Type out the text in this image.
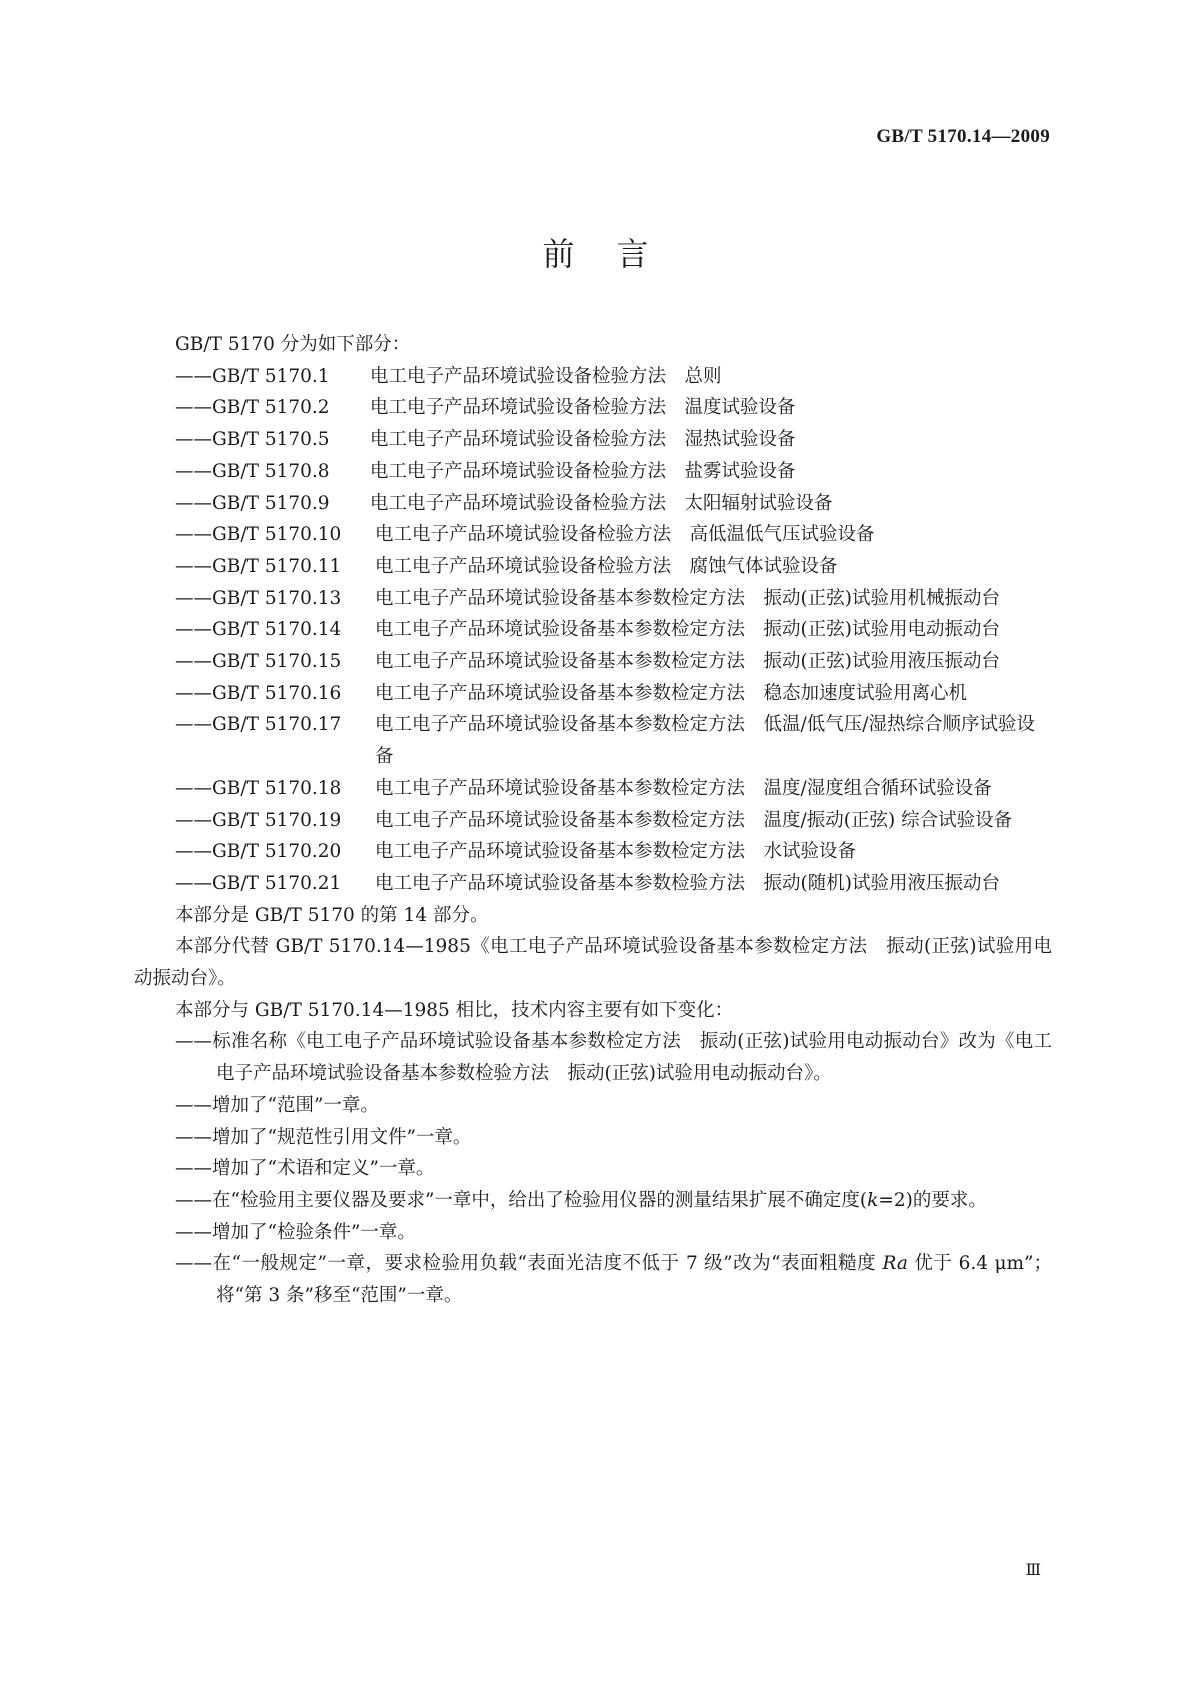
GB/T 5170.14—2009
前言

GB/T 5170 分为如下部分：

—— GB/T 5170.1	电工电子产品环境试验设备检验方法　 总则
—— GB/T 5170.2	电工电子产品环境试验设备检验方法　 温度试验设备
—— GB/T 5170.5	电工电子产品环境试验设备检验方法　 湿热试验设备
—— GB/T 5170.8	电工电子产品环境试验设备检验方法　 盐雾试验设备
—— GB/T 5170.9	电工电子产品环境试验设备检验方法　 太阳辐射试验设备
—— GB/T 5170.10	电工电子产品环境试验设备检验方法　 高低温低气压试验设备
—— GB/T 5170.11	电工电子产品环境试验设备检验方法　 腐蚀气体试验设备
—— GB/T 5170.13	电工电子产品环境试验设备基本参数检定方法　 振动(正弦)试验用机械振动台
—— GB/T 5170.14	电工电子产品环境试验设备基本参数检定方法　 振动(正弦)试验用电动振动台
—— GB/T 5170.15	电工电子产品环境试验设备基本参数检定方法　 振动(正弦)试验用液压振动台
—— GB/T 5170.16	电工电子产品环境试验设备基本参数检定方法　 稳态加速度试验用离心机
—— GB/T 5170.17	电工电子产品环境试验设备基本参数检定方法　 低温/低气压/湿热综合顺序试验设备
—— GB/T 5170.18	电工电子产品环境试验设备基本参数检定方法　 温度/湿度组合循环试验设备
—— GB/T 5170.19	电工电子产品环境试验设备基本参数检定方法　 温度/振动(正弦) 综合试验设备
—— GB/T 5170.20	电工电子产品环境试验设备基本参数检定方法　 水试验设备
—— GB/T 5170.21	电工电子产品环境试验设备基本参数检验方法　 振动(随机)试验用液压振动台

本部分是 GB/T 5170 的第 14 部分。

本部分代替 GB/T 5170.14—1985《电工电子产品环境试验设备基本参数检定方法　振动(正弦)试验用电动振动台》。

本部分与 GB/T 5170.14—1985 相比，技术内容主要有如下变化：

——标准名称《电工电子产品环境试验设备基本参数检定方法　振动(正弦)试验用电动振动台》改为《电工电子产品环境试验设备基本参数检验方法　振动(正弦)试验用电动振动台》。

——增加了“范围”一章。

——增加了“规范性引用文件”一章。

——增加了“术语和定义”一章。

——在“检验用主要仪器及要求”一章中，给出了检验用仪器的测量结果扩展不确定度(k=2)的要求。

——增加了“检验条件”一章。

——在“一般规定”一章，要求检验用负载“表面光洁度不低于 7 级”改为“表面粗糙度 Ra 优于 6.4 μm”；将“第 3 条”移至“范围”一章。

Ⅲ
